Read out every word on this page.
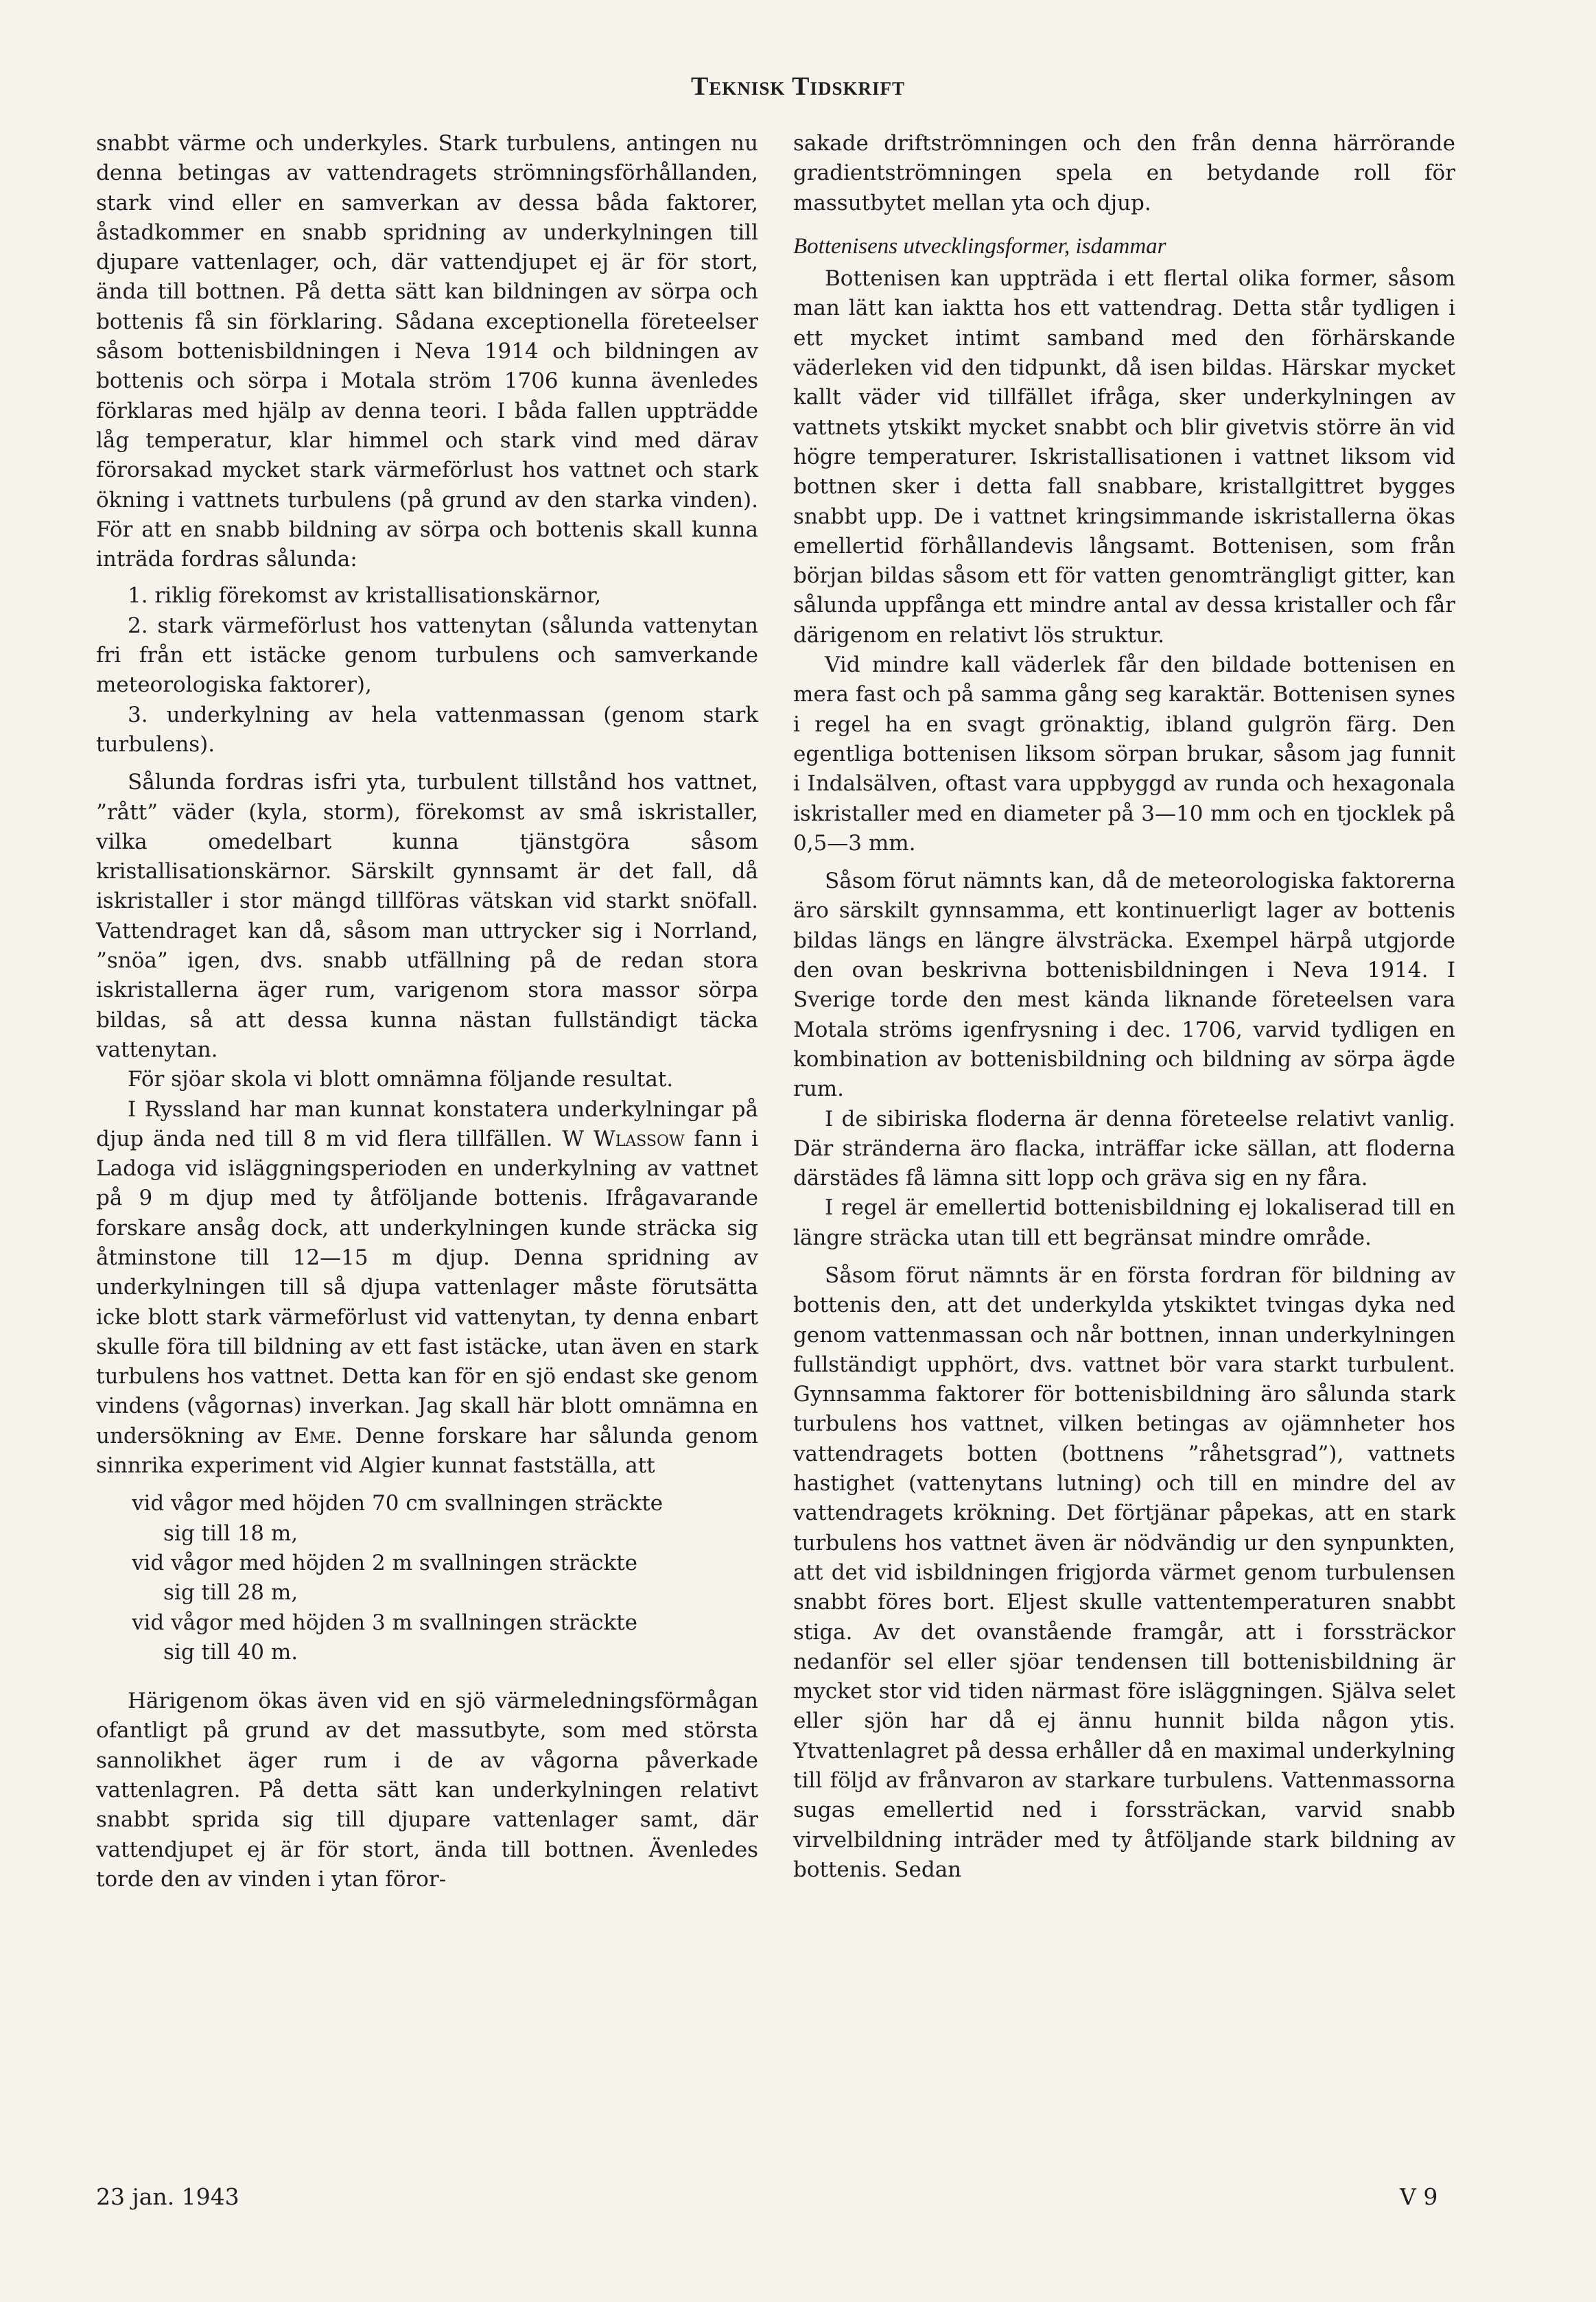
Teknisk Tidskrift

snabbt värme och underkyles. Stark turbulens, antingen nu denna betingas av vattendragets strömningsförhållanden, stark vind eller en samverkan av dessa båda faktorer, åstadkommer en snabb spridning av underkylningen till djupare vattenlager, och, där vattendjupet ej är för stort, ända till bottnen. På detta sätt kan bildningen av sörpa och bottenis få sin förklaring. Sådana exceptionella företeelser såsom bottenisbildningen i Neva 1914 och bildningen av bottenis och sörpa i Motala ström 1706 kunna ävenledes förklaras med hjälp av denna teori. I båda fallen uppträdde låg temperatur, klar himmel och stark vind med därav förorsakad mycket stark värmeförlust hos vattnet och stark ökning i vattnets turbulens (på grund av den starka vinden). För att en snabb bildning av sörpa och bottenis skall kunna inträda fordras sålunda:

1. riklig förekomst av kristallisationskärnor,

2. stark värmeförlust hos vattenytan (sålunda vattenytan fri från ett istäcke genom turbulens och samverkande meteorologiska faktorer),

3. underkylning av hela vattenmassan (genom stark turbulens).

Sålunda fordras isfri yta, turbulent tillstånd hos vattnet, ”rått” väder (kyla, storm), förekomst av små iskristaller, vilka omedelbart kunna tjänstgöra såsom kristallisationskärnor. Särskilt gynnsamt är det fall, då iskristaller i stor mängd tillföras vätskan vid starkt snöfall. Vattendraget kan då, såsom man uttrycker sig i Norrland, ”snöa” igen, dvs. snabb utfällning på de redan stora iskristallerna äger rum, varigenom stora massor sörpa bildas, så att dessa kunna nästan fullständigt täcka vattenytan.

För sjöar skola vi blott omnämna följande resultat.

I Ryssland har man kunnat konstatera underkylningar på djup ända ned till 8 m vid flera tillfällen. W Wlassow fann i Ladoga vid isläggningsperioden en underkylning av vattnet på 9 m djup med ty åtföljande bottenis. Ifrågavarande forskare ansåg dock, att underkylningen kunde sträcka sig åtminstone till 12—15 m djup. Denna spridning av underkylningen till så djupa vattenlager måste förutsätta icke blott stark värmeförlust vid vattenytan, ty denna enbart skulle föra till bildning av ett fast istäcke, utan även en stark turbulens hos vattnet. Detta kan för en sjö endast ske genom vindens (vågornas) inverkan. Jag skall här blott omnämna en undersökning av Eme. Denne forskare har sålunda genom sinnrika experiment vid Algier kunnat fastställa, att

vid vågor med höjden 70 cm svallningen sträckte
sig till 18 m,

vid vågor med höjden 2 m svallningen sträckte
sig till 28 m,

vid vågor med höjden 3 m svallningen sträckte
sig till 40 m.

Härigenom ökas även vid en sjö värmeledningsförmågan ofantligt på grund av det massutbyte, som med största sannolikhet äger rum i de av vågorna påverkade vattenlagren. På detta sätt kan underkylningen relativt snabbt sprida sig till djupare vattenlager samt, där vattendjupet ej är för stort, ända till bottnen. Ävenledes torde den av vinden i ytan föror-

sakade driftströmningen och den från denna härrörande gradientströmningen spela en betydande roll för massutbytet mellan yta och djup.

Bottenisens utvecklingsformer, isdammar

Bottenisen kan uppträda i ett flertal olika former, såsom man lätt kan iaktta hos ett vattendrag. Detta står tydligen i ett mycket intimt samband med den förhärskande väderleken vid den tidpunkt, då isen bildas. Härskar mycket kallt väder vid tillfället ifråga, sker underkylningen av vattnets ytskikt mycket snabbt och blir givetvis större än vid högre temperaturer. Iskristallisationen i vattnet liksom vid bottnen sker i detta fall snabbare, kristallgittret bygges snabbt upp. De i vattnet kringsimmande iskristallerna ökas emellertid förhållandevis långsamt. Bottenisen, som från början bildas såsom ett för vatten genomträngligt gitter, kan sålunda uppfånga ett mindre antal av dessa kristaller och får därigenom en relativt lös struktur.

Vid mindre kall väderlek får den bildade bottenisen en mera fast och på samma gång seg karaktär. Bottenisen synes i regel ha en svagt grönaktig, ibland gulgrön färg. Den egentliga bottenisen liksom sörpan brukar, såsom jag funnit i Indalsälven, oftast vara uppbyggd av runda och hexagonala iskristaller med en diameter på 3—10 mm och en tjocklek på 0,5—3 mm.

Såsom förut nämnts kan, då de meteorologiska faktorerna äro särskilt gynnsamma, ett kontinuerligt lager av bottenis bildas längs en längre älvsträcka. Exempel härpå utgjorde den ovan beskrivna bottenisbildningen i Neva 1914. I Sverige torde den mest kända liknande företeelsen vara Motala ströms igenfrysning i dec. 1706, varvid tydligen en kombination av bottenisbildning och bildning av sörpa ägde rum.

I de sibiriska floderna är denna företeelse relativt vanlig. Där stränderna äro flacka, inträffar icke sällan, att floderna därstädes få lämna sitt lopp och gräva sig en ny fåra.

I regel är emellertid bottenisbildning ej lokaliserad till en längre sträcka utan till ett begränsat mindre område.

Såsom förut nämnts är en första fordran för bildning av bottenis den, att det underkylda ytskiktet tvingas dyka ned genom vattenmassan och når bottnen, innan underkylningen fullständigt upphört, dvs. vattnet bör vara starkt turbulent. Gynnsamma faktorer för bottenisbildning äro sålunda stark turbulens hos vattnet, vilken betingas av ojämnheter hos vattendragets botten (bottnens ”råhetsgrad”), vattnets hastighet (vattenytans lutning) och till en mindre del av vattendragets krökning. Det förtjänar påpekas, att en stark turbulens hos vattnet även är nödvändig ur den synpunkten, att det vid isbildningen frigjorda värmet genom turbulensen snabbt föres bort. Eljest skulle vattentemperaturen snabbt stiga. Av det ovanstående framgår, att i forssträckor nedanför sel eller sjöar tendensen till bottenisbildning är mycket stor vid tiden närmast före isläggningen. Själva selet eller sjön har då ej ännu hunnit bilda någon ytis. Ytvattenlagret på dessa erhåller då en maximal underkylning till följd av frånvaron av starkare turbulens. Vattenmassorna sugas emellertid ned i forssträckan, varvid snabb virvelbildning inträder med ty åtföljande stark bildning av bottenis. Sedan

23 jan. 1943	V 9
